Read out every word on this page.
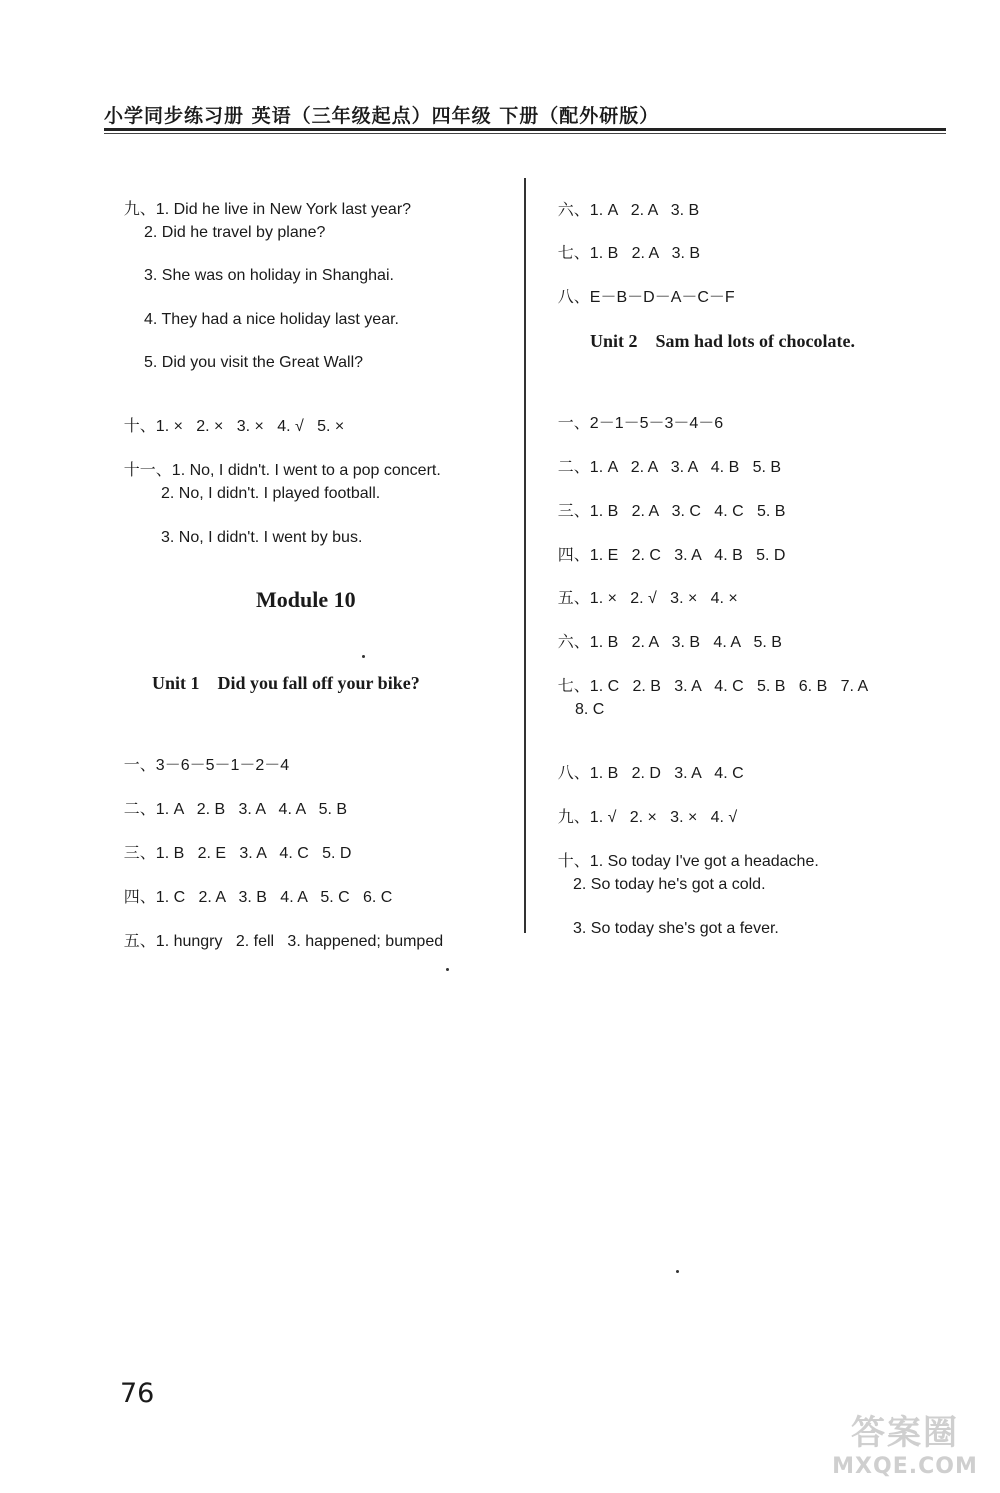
小学同步练习册 英语（三年级起点）四年级 下册（配外研版）

九、1. Did he live in New York last year?

2. Did he travel by plane?
3. She was on holiday in Shanghai.
4. They had a nice holiday last year.
5. Did you visit the Great Wall?

十、1. ×   2. ×   3. ×   4. √   5. ×

十一、1. No, I didn't. I went to a pop concert.

2. No, I didn't. I played football.
3. No, I didn't. I went by bus.
Module 10
Unit 1    Did you fall off your bike?

一、3－6－5－1－2－4

二、1. A   2. B   3. A   4. A   5. B

三、1. B   2. E   3. A   4. C   5. D

四、1. C   2. A   3. B   4. A   5. C   6. C

五、1. hungry   2. fell   3. happened; bumped

六、1. A   2. A   3. B

七、1. B   2. A   3. B

八、E－B－D－A－C－F

Unit 2    Sam had lots of chocolate.

一、2－1－5－3－4－6

二、1. A   2. A   3. A   4. B   5. B

三、1. B   2. A   3. C   4. C   5. B

四、1. E   2. C   3. A   4. B   5. D

五、1. ×   2. √   3. ×   4. ×

六、1. B   2. A   3. B   4. A   5. B

七、1. C   2. B   3. A   4. C   5. B   6. B   7. A

8. C

八、1. B   2. D   3. A   4. C

九、1. √   2. ×   3. ×   4. √

十、1. So today I've got a headache.

2. So today he's got a cold.
3. So today she's got a fever.
76
答案圈
MXQE.COM
